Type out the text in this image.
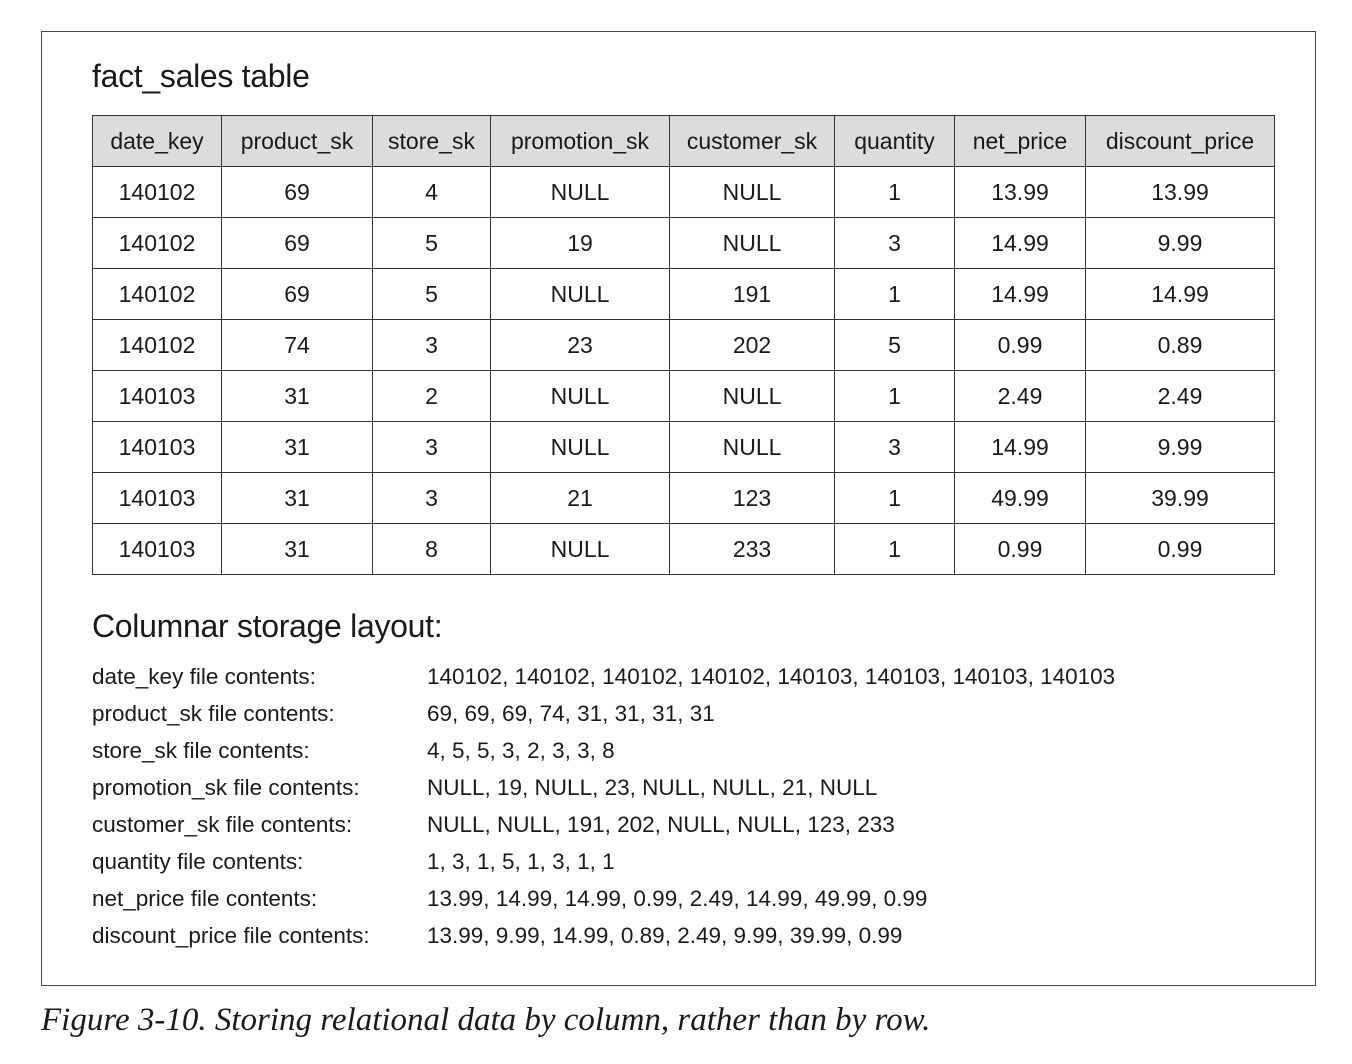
fact_sales table
date_key	product_sk	store_sk	promotion_sk	customer_sk	quantity	net_price	discount_price
140102	69	4	NULL	NULL	1	13.99	13.99
140102	69	5	19	NULL	3	14.99	9.99
140102	69	5	NULL	191	1	14.99	14.99
140102	74	3	23	202	5	0.99	0.89
140103	31	2	NULL	NULL	1	2.49	2.49
140103	31	3	NULL	NULL	3	14.99	9.99
140103	31	3	21	123	1	49.99	39.99
140103	31	8	NULL	233	1	0.99	0.99
Columnar storage layout:
date_key file contents:	140102, 140102, 140102, 140102, 140103, 140103, 140103, 140103
product_sk file contents:	69, 69, 69, 74, 31, 31, 31, 31
store_sk file contents:	4, 5, 5, 3, 2, 3, 3, 8
promotion_sk file contents:	NULL, 19, NULL, 23, NULL, NULL, 21, NULL
customer_sk file contents:	NULL, NULL, 191, 202, NULL, NULL, 123, 233
quantity file contents:	1, 3, 1, 5, 1, 3, 1, 1
net_price file contents:	13.99, 14.99, 14.99, 0.99, 2.49, 14.99, 49.99, 0.99
discount_price file contents:	13.99, 9.99, 14.99, 0.89, 2.49, 9.99, 39.99, 0.99
Figure 3-10. Storing relational data by column, rather than by row.
